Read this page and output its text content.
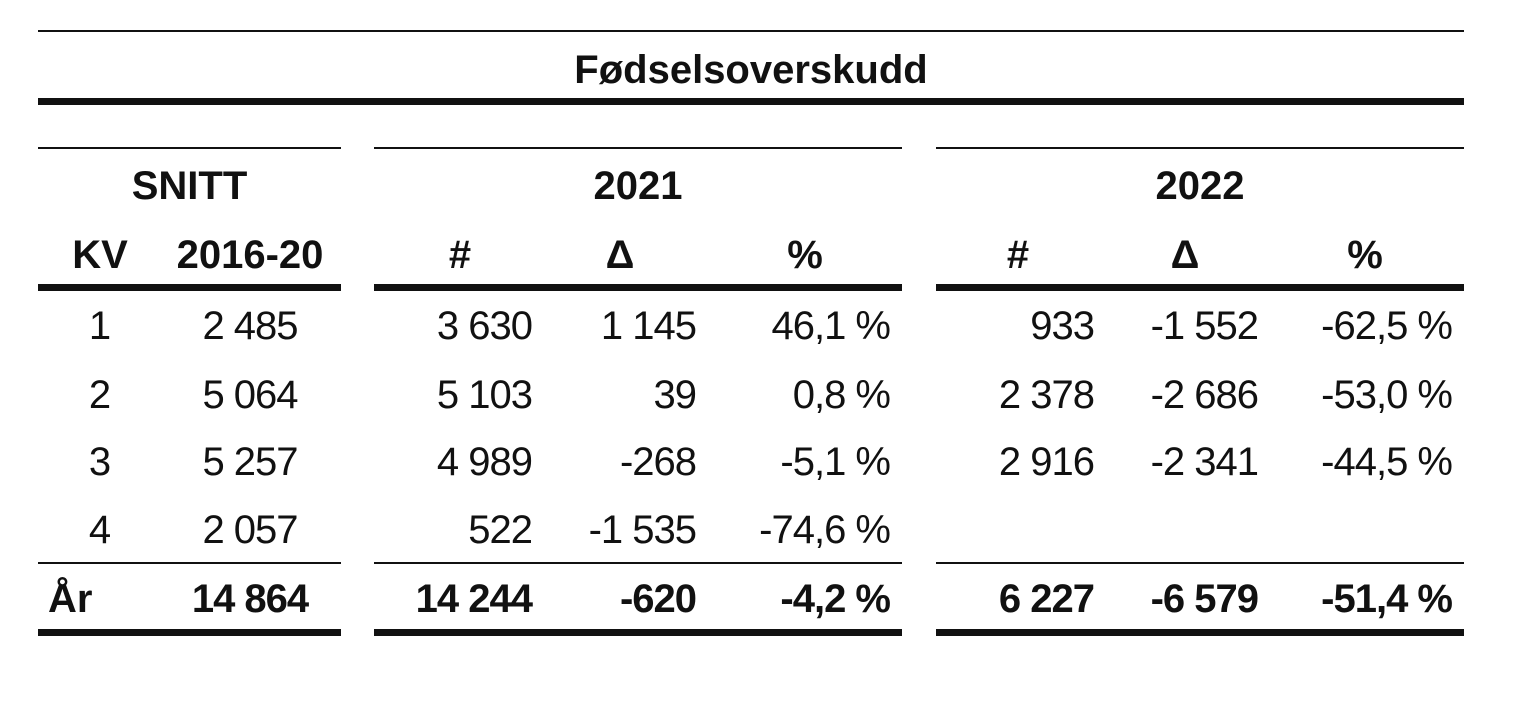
Fødselsoverskudd
SNITT	2021	2022
KV	2016-20	#	Δ	%	#	Δ	%
1	2 485	3 630	1 145	46,1 %	933	-1 552	-62,5 %
2	5 064	5 103	39	0,8 %	2 378	-2 686	-53,0 %
3	5 257	4 989	-268	-5,1 %	2 916	-2 341	-44,5 %
4	2 057	522	-1 535	-74,6 %
År	14 864	14 244	-620	-4,2 %	6 227	-6 579	-51,4 %
